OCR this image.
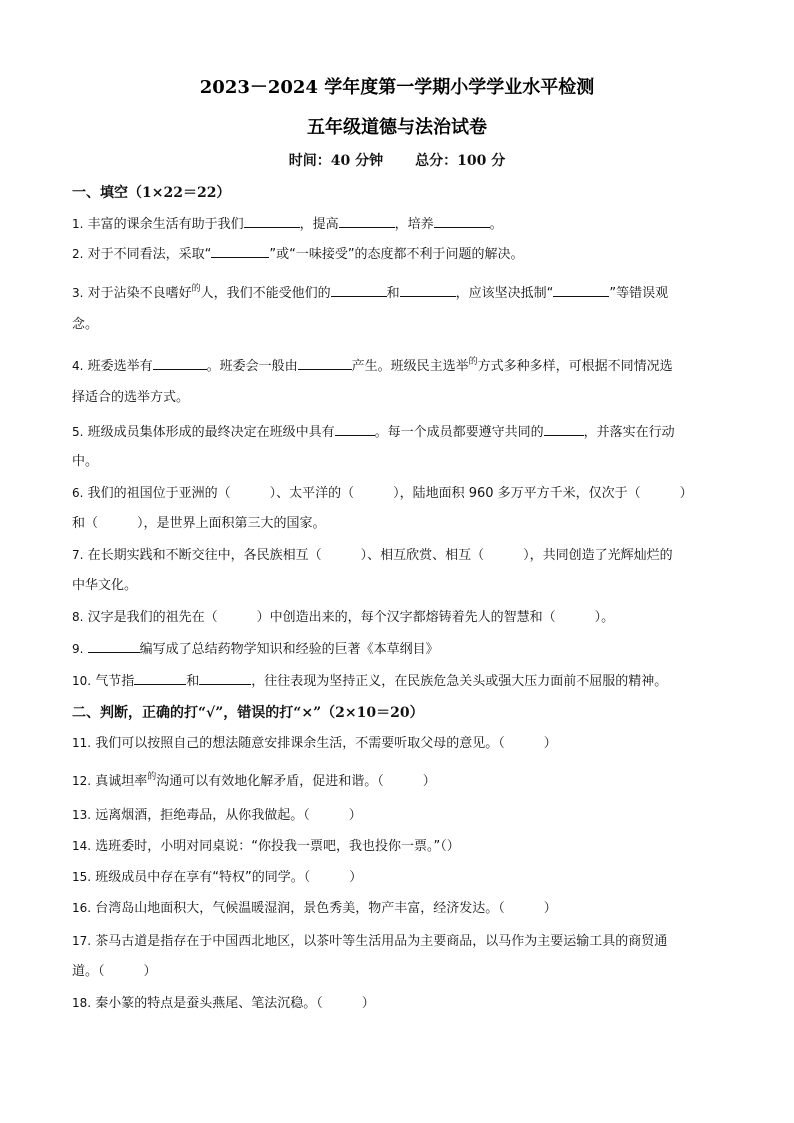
2023－2024 学年度第一学期小学学业水平检测
五年级道德与法治试卷
时间：40 分钟 总分：100 分
一、填空（1×22＝22）
1. 丰富的课余生活有助于我们	，提高	，培养	。
2. 对于不同看法，采取“	”或“一味接受”的态度都不利于问题的解决。
3. 对于沾染不良嗜好$^的$人，我们不能受他们的	和	，应该坚决抵制“	”等错误观
念。
4. 班委选举有	。班委会一般由	产生。班级民主选举$^的$方式多种多样，可根据不同情况选
择适合的选举方式。
5. 班级成员集体形成的最终决定在班级中具有	。每一个成员都要遵守共同的	，并落实在行动
中。
6. 我们的祖国位于亚洲的（　　　）、太平洋的（　　　），陆地面积 960 多万平方千米，仅次于（　　　）
和（　　　），是世界上面积第三大的国家。
7. 在长期实践和不断交往中，各民族相互（　　　）、相互欣赏、相互（　　　），共同创造了光辉灿烂的
中华文化。
8. 汉字是我们的祖先在（　　　）中创造出来的，每个汉字都熔铸着先人的智慧和（　　　）。
9.	编写成了总结药物学知识和经验的巨著《本草纲目》
10. 气节指	和	，往往表现为坚持正义，在民族危急关头或强大压力面前不屈服的精神。
二、判断，正确的打“√”，错误的打“×”（2×10＝20）
11. 我们可以按照自己的想法随意安排课余生活，不需要听取父母的意见。（　　　）
12. 真诚坦率$^的$沟通可以有效地化解矛盾，促进和谐。（　　　）
13. 远离烟酒，拒绝毒品，从你我做起。（　　　）
14. 选班委时，小明对同桌说：“你投我一票吧，我也投你一票。”（）
15. 班级成员中存在享有“特权”的同学。（　　　）
16. 台湾岛山地面积大，气候温暖湿润，景色秀美，物产丰富，经济发达。（　　　）
17. 茶马古道是指存在于中国西北地区，以茶叶等生活用品为主要商品，以马作为主要运输工具的商贸通
道。（　　　）
18. 秦小篆的特点是蚕头燕尾、笔法沉稳。（　　　）
